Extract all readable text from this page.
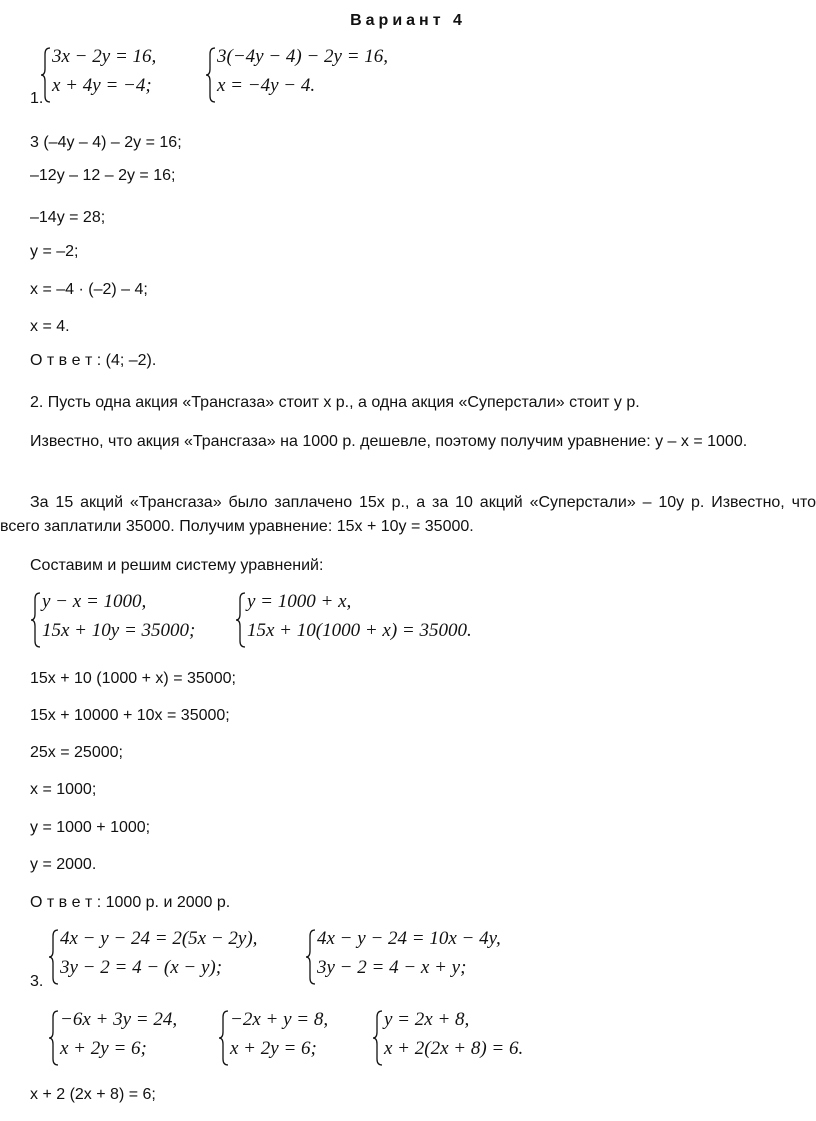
Вариант 4
3x − 2y = 16,
x + 4y = −4;
3(−4y − 4) − 2y = 16,
x = −4y − 4.
1.
3 (–4y – 4) – 2y = 16;
–12y – 12 – 2y = 16;
–14y = 28;
y = –2;
x = –4 · (–2) – 4;
x = 4.
О т в е т : (4; –2).
2. Пусть одна акция «Трансгаза» стоит x р., а одна акция «Суперстали» стоит y р.
Известно, что акция «Трансгаза» на 1000 р. дешевле, поэтому получим уравнение: y – x = 1000.
За 15 акций «Трансгаза» было заплачено 15x р., а за 10 акций «Суперстали» – 10y р. Известно, что всего заплатили 35000. Получим уравнение: 15x + 10y = 35000.
Составим и решим систему уравнений:
y − x = 1000,
15x + 10y = 35000;
y = 1000 + x,
15x + 10(1000 + x) = 35000.
15x + 10 (1000 + x) = 35000;
15x + 10000 + 10x = 35000;
25x = 25000;
x = 1000;
y = 1000 + 1000;
y = 2000.
О т в е т : 1000 р. и 2000 р.
4x − y − 24 = 2(5x − 2y),
3y − 2 = 4 − (x − y);
4x − y − 24 = 10x − 4y,
3y − 2 = 4 − x + y;
3.
−6x + 3y = 24,
x + 2y = 6;
−2x + y = 8,
x + 2y = 6;
y = 2x + 8,
x + 2(2x + 8) = 6.
x + 2 (2x + 8) = 6;
